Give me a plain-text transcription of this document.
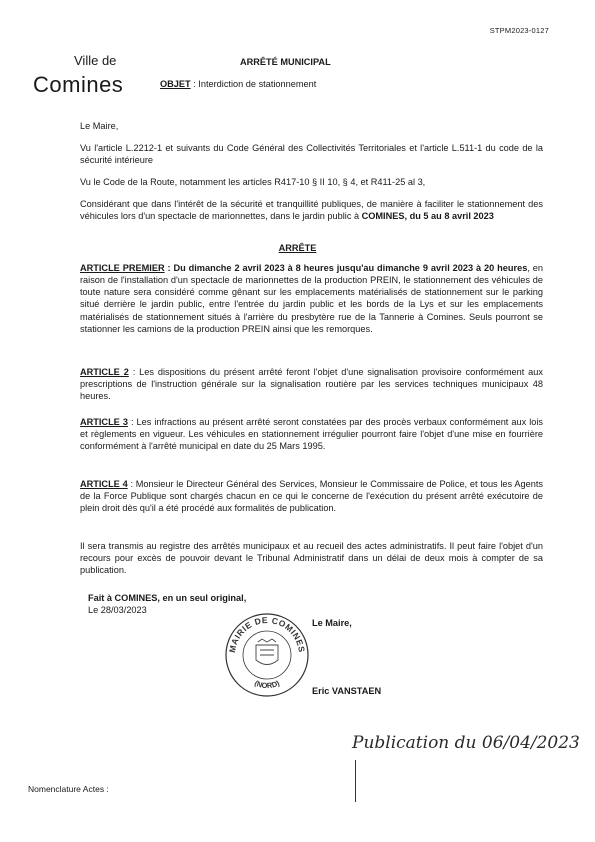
STPM2023-0127
Ville de
Comines
ARRÊTÉ MUNICIPAL
OBJET : Interdiction de stationnement

Le Maire,

Vu l'article L.2212-1 et suivants du Code Général des Collectivités Territoriales et l'article L.511-1 du code de la sécurité intérieure

Vu le Code de la Route, notamment les articles R417-10 § II 10, § 4, et R411-25 al 3,

Considérant que dans l'intérêt de la sécurité et tranquillité publiques, de manière à faciliter le stationnement des véhicules lors d'un spectacle de marionnettes, dans le jardin public à COMINES, du 5 au 8 avril 2023

ARRÊTE

ARTICLE PREMIER : Du dimanche 2 avril 2023 à 8 heures jusqu'au dimanche 9 avril 2023 à 20 heures, en raison de l'installation d'un spectacle de marionnettes de la production PREIN, le stationnement des véhicules de toute nature sera considéré comme gênant sur les emplacements matérialisés de stationnement sur le parking situé derrière le jardin public, entre l'entrée du jardin public et les bords de la Lys et sur les emplacements matérialisés de stationnement situés à l'arrière du presbytère rue de la Tannerie à Comines. Seuls pourront se stationner les camions de la production PREIN ainsi que les remorques.

ARTICLE 2 : Les dispositions du présent arrêté feront l'objet d'une signalisation provisoire conformément aux prescriptions de l'instruction générale sur la signalisation routière par les services techniques municipaux 48 heures.

ARTICLE 3 : Les infractions au présent arrêté seront constatées par des procès verbaux conformément aux lois et règlements en vigueur. Les véhicules en stationnement irrégulier pourront faire l'objet d'une mise en fourrière conformément à l'arrêté municipal en date du 25 Mars 1995.

ARTICLE 4 : Monsieur le Directeur Général des Services, Monsieur le Commissaire de Police, et tous les Agents de la Force Publique sont chargés chacun en ce qui le concerne de l'exécution du présent arrêté exécutoire de plein droit dès qu'il a été procédé aux formalités de publication.

Il sera transmis au registre des arrêtés municipaux et au recueil des actes administratifs. Il peut faire l'objet d'un recours pour excès de pouvoir devant le Tribunal Administratif dans un délai de deux mois à compter de sa publication.

Fait à COMINES, en un seul original,
Le 28/03/2023
Le Maire,
MAIRIE DE COMINES
(NORD)
Eric VANSTAEN
Publication du 06/04/2023
Nomenclature Actes :
